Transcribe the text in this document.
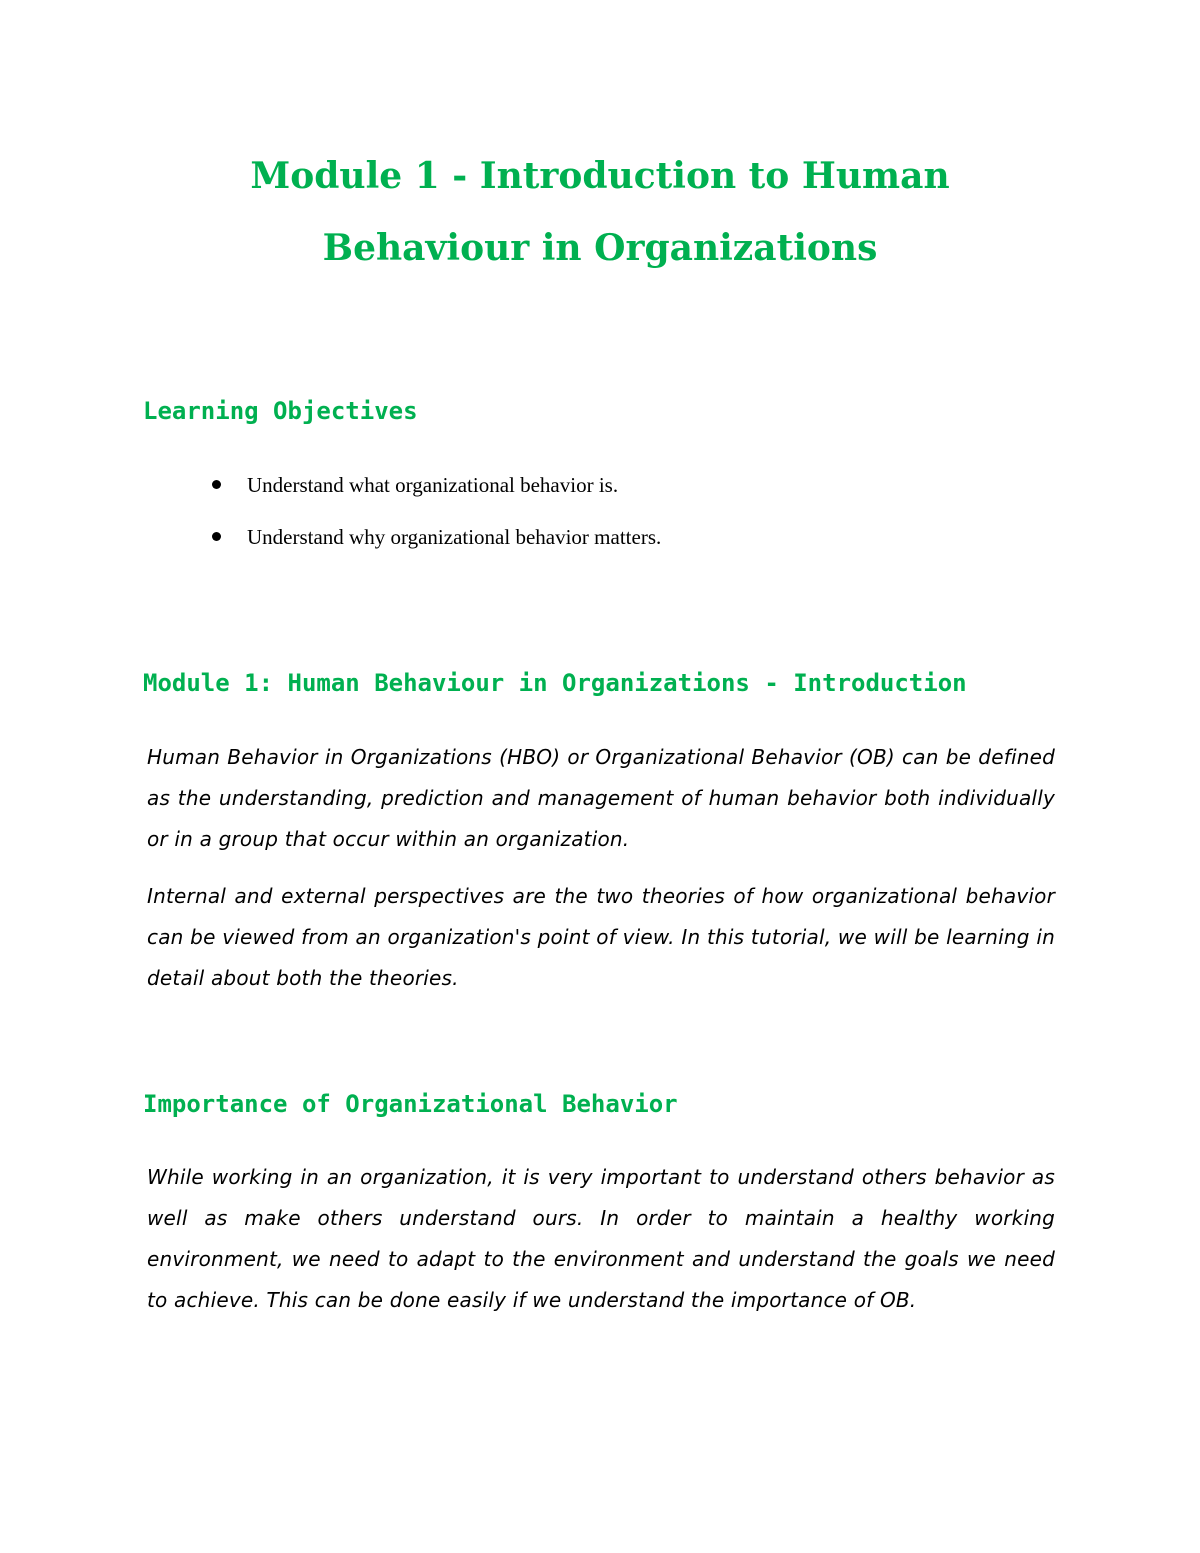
Module 1 - Introduction to Human
Behaviour in Organizations
Learning Objectives
Understand what organizational behavior is.
Understand why organizational behavior matters.
Module 1: Human Behaviour in Organizations - Introduction

Human Behavior in Organizations (HBO) or Organizational Behavior (OB) can be defined as the understanding, prediction and management of human behavior both individually or in a group that occur within an organization.

Internal and external perspectives are the two theories of how organizational behavior can be viewed from an organization's point of view. In this tutorial, we will be learning in detail about both the theories.

Importance of Organizational Behavior

While working in an organization, it is very important to understand others behavior as well as make others understand ours. In order to maintain a healthy working environment, we need to adapt to the environment and understand the goals we need to achieve. This can be done easily if we understand the importance of OB.
